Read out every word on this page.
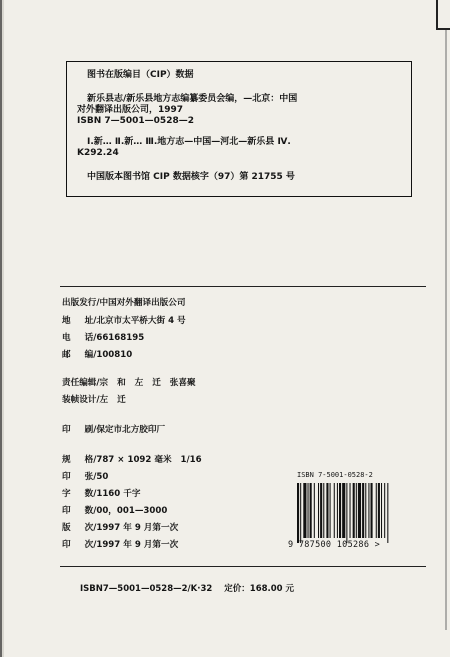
图书在版编目（CIP）数据
新乐县志/新乐县地方志编纂委员会编，—北京：中国
对外翻译出版公司，1997
ISBN 7—5001—0528—2
Ⅰ.新… Ⅱ.新… Ⅲ.地方志—中国—河北—新乐县 Ⅳ.
K292.24
中国版本图书馆 CIP 数据核字（97）第 21755 号
出版发行/中国对外翻译出版公司
地 址/北京市太平桥大街 4 号
电 话/66168195
邮 编/100810
责任编辑/宗   和   左   迁   张喜聚
装帧设计/左   迁
印 刷/保定市北方胶印厂
规 格/787 × 1092 毫米   1/16
印 张/50
字 数/1160 千字
印 数/00，001—3000
版 次/1997 年 9 月第一次
印 次/1997 年 9 月第一次
ISBN 7-5001-0528-2
9 787500 105286 >
ISBN7—5001—0528—2/K·32 定价：168.00 元
